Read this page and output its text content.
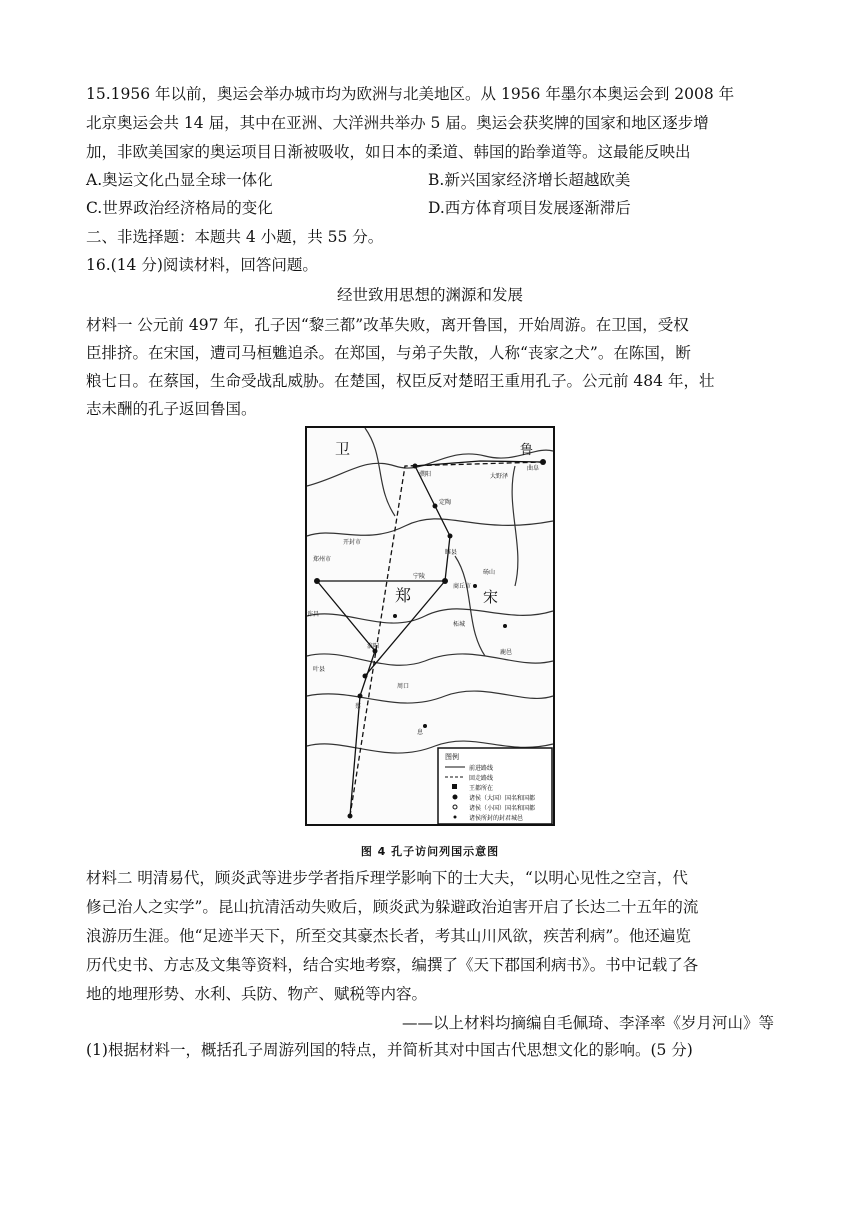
15.1956 年以前，奥运会举办城市均为欧洲与北美地区。从 1956 年墨尔本奥运会到 2008 年
北京奥运会共 14 届，其中在亚洲、大洋洲共举办 5 届。奥运会获奖牌的国家和地区逐步增
加，非欧美国家的奥运项目日渐被吸收，如日本的柔道、韩国的跆拳道等。这最能反映出
A.奥运文化凸显全球一体化	B.新兴国家经济增长超越欧美
C.世界政治经济格局的变化	D.西方体育项目发展逐渐滞后
二、非选择题：本题共 4 小题，共 55 分。
16.(14 分)阅读材料，回答问题。
经世致用思想的渊源和发展
材料一 公元前 497 年，孔子因“黎三都”改革失败，离开鲁国，开始周游。在卫国，受权
臣排挤。在宋国，遭司马桓魋追杀。在郑国，与弟子失散，人称“丧家之犬”。在陈国，断
粮七日。在蔡国，生命受战乱威胁。在楚国，权臣反对楚昭王重用孔子。公元前 484 年，壮
志未酬的孔子返回鲁国。
卫	鲁
郑	宋
大野泽
曲阜
濮阳
定陶
开封市
郑州市
宁陵
商丘市
砀山
睢县
许昌
柘城
淮阳
鹿邑
叶县
周口
蔡
息
图例
前进路线
回走路线
王都所在
诸侯（大国）国名和国都
诸侯（小国）国名和国都
诸侯所封的封君城邑
图 4 孔子访问列国示意图
材料二 明清易代，顾炎武等进步学者指斥理学影响下的士大夫，“以明心见性之空言，代
修己治人之实学”。昆山抗清活动失败后，顾炎武为躲避政治迫害开启了长达二十五年的流
浪游历生涯。他“足迹半天下，所至交其豪杰长者，考其山川风欲，疾苦利病”。他还遍览
历代史书、方志及文集等资料，结合实地考察，编撰了《天下郡国利病书》。书中记载了各
地的地理形势、水利、兵防、物产、赋税等内容。
——以上材料均摘编自毛佩琦、李泽率《岁月河山》等
(1)根据材料一，概括孔子周游列国的特点，并简析其对中国古代思想文化的影响。(5 分)
